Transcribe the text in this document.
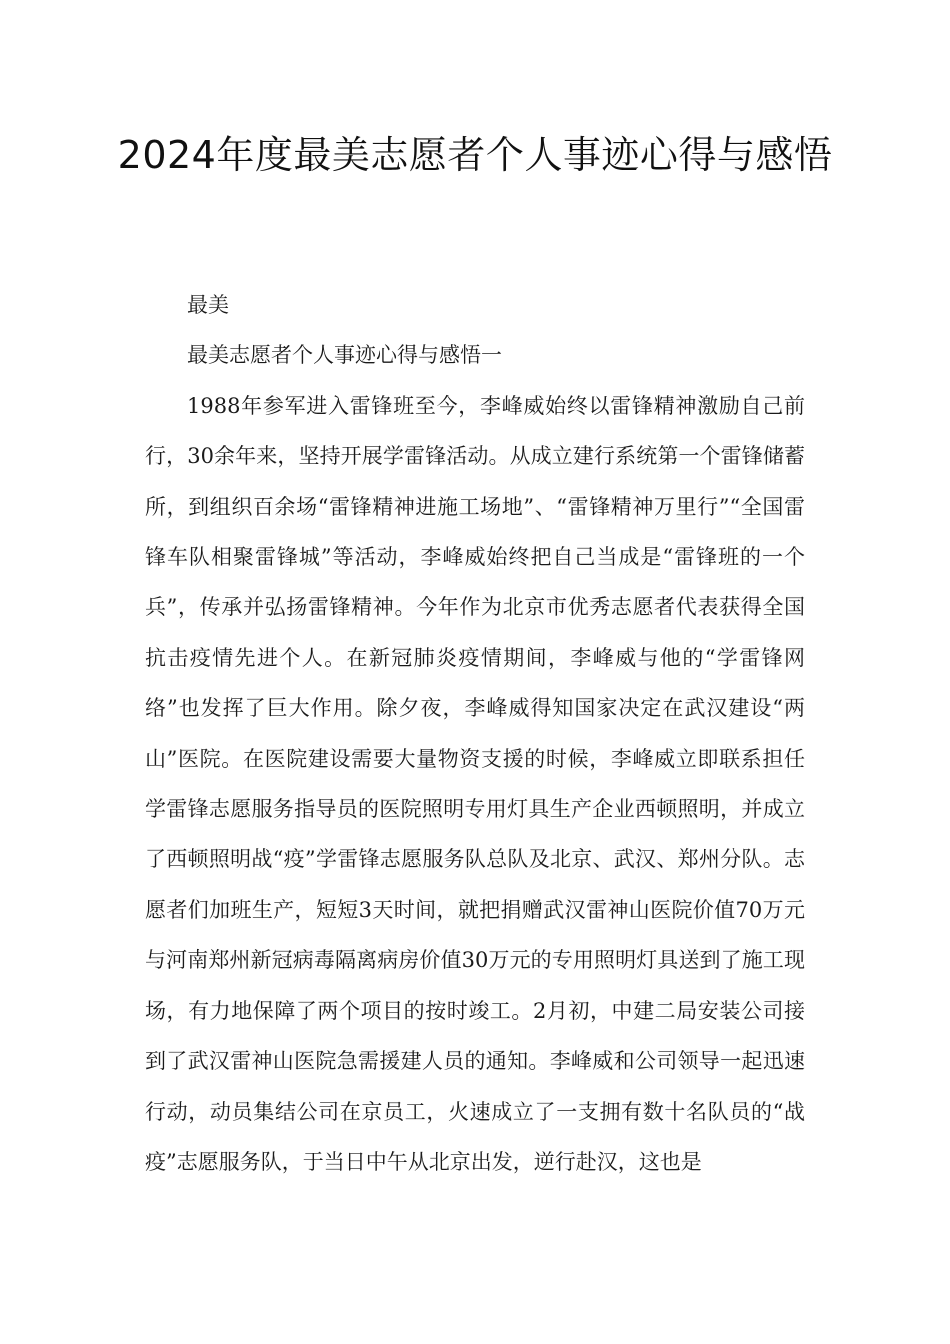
2024年度最美志愿者个人事迹心得与感悟

最美

最美志愿者个人事迹心得与感悟一

1988年参军进入雷锋班至今，李峰威始终以雷锋精神激励自己前行，30余年来，坚持开展学雷锋活动。从成立建行系统第一个雷锋储蓄所，到组织百余场“雷锋精神进施工场地”、“雷锋精神万里行”“全国雷锋车队相聚雷锋城”等活动，李峰威始终把自己当成是“雷锋班的一个兵”，传承并弘扬雷锋精神。今年作为北京市优秀志愿者代表获得全国抗击疫情先进个人。在新冠肺炎疫情期间，李峰威与他的“学雷锋网络”也发挥了巨大作用。除夕夜，李峰威得知国家决定在武汉建设“两山”医院。在医院建设需要大量物资支援的时候，李峰威立即联系担任学雷锋志愿服务指导员的医院照明专用灯具生产企业西顿照明，并成立了西顿照明战“疫”学雷锋志愿服务队总队及北京、武汉、郑州分队。志愿者们加班生产，短短3天时间，就把捐赠武汉雷神山医院价值70万元与河南郑州新冠病毒隔离病房价值30万元的专用照明灯具送到了施工现场，有力地保障了两个项目的按时竣工。2月初，中建二局安装公司接到了武汉雷神山医院急需援建人员的通知。李峰威和公司领导一起迅速行动，动员集结公司在京员工，火速成立了一支拥有数十名队员的“战疫”志愿服务队，于当日中午从北京出发，逆行赴汉，这也是
